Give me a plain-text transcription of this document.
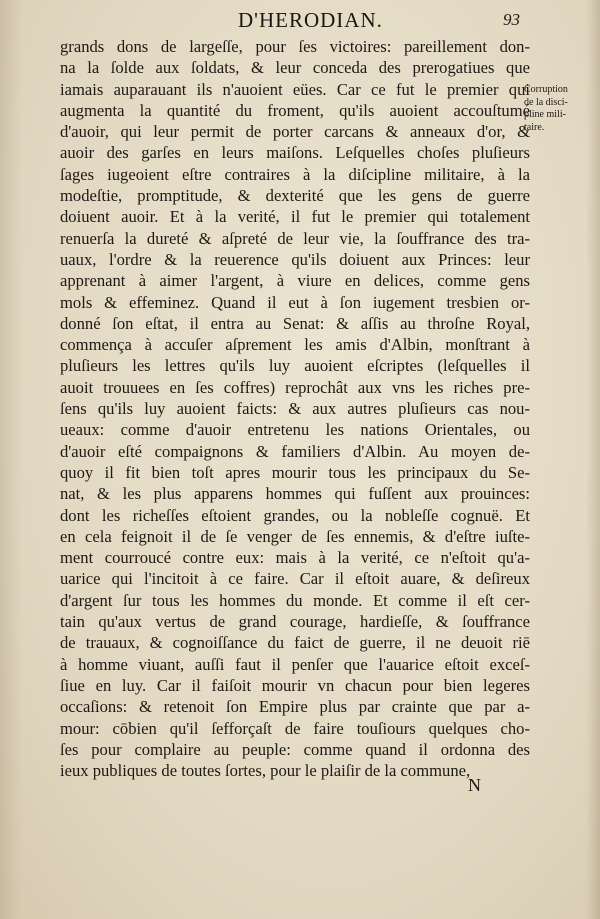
D'HERODIAN.	93
Corruption
de la disci-
pline mili-
taire.
grands dons de largeſſe, pour ſes victoires: pareillement don-
na la ſolde aux ſoldats, & leur conceda des prerogatiues que
iamais auparauant ils n'auoient eües. Car ce fut le premier qui
augmenta la quantité du froment, qu'ils auoient accouſtumé
d'auoir, qui leur permit de porter carcans & anneaux d'or, &
auoir des garſes en leurs maiſons. Leſquelles choſes pluſieurs
ſages iugeoient eſtre contraires à la diſcipline militaire, à la
modeſtie, promptitude, & dexterité que les gens de guerre
doiuent auoir. Et à la verité, il fut le premier qui totalement
renuerſa la dureté & aſpreté de leur vie, la ſouffrance des tra-
uaux, l'ordre & la reuerence qu'ils doiuent aux Princes: leur
apprenant à aimer l'argent, à viure en delices, comme gens
mols & effeminez. Quand il eut à ſon iugement tresbien or-
donné ſon eſtat, il entra au Senat: & aſſis au throſne Royal,
commença à accuſer aſprement les amis d'Albin, monſtrant à
pluſieurs les lettres qu'ils luy auoient eſcriptes (leſquelles il
auoit trouuees en ſes coffres) reprochât aux vns les riches pre-
ſens qu'ils luy auoient faicts: & aux autres pluſieurs cas nou-
ueaux: comme d'auoir entretenu les nations Orientales, ou
d'auoir eſté compaignons & familiers d'Albin. Au moyen de-
quoy il fit bien toſt apres mourir tous les principaux du Se-
nat, & les plus apparens hommes qui fuſſent aux prouinces:
dont les richeſſes eſtoient grandes, ou la nobleſſe cognuë. Et
en cela feignoit il de ſe venger de ſes ennemis, & d'eſtre iuſte-
ment courroucé contre eux: mais à la verité, ce n'eſtoit qu'a-
uarice qui l'incitoit à ce faire. Car il eſtoit auare, & deſireux
d'argent ſur tous les hommes du monde. Et comme il eſt cer-
tain qu'aux vertus de grand courage, hardieſſe, & ſouffrance
de trauaux, & cognoiſſance du faict de guerre, il ne deuoit riē
à homme viuant, auſſi faut il penſer que l'auarice eſtoit exceſ-
ſiue en luy. Car il faiſoit mourir vn chacun pour bien legeres
occaſions: & retenoit ſon Empire plus par crainte que par a-
mour: cōbien qu'il ſefforçaſt de faire touſiours quelques cho-
ſes pour complaire au peuple: comme quand il ordonna des
ieux publiques de toutes ſortes, pour le plaiſir de la commune,
N
